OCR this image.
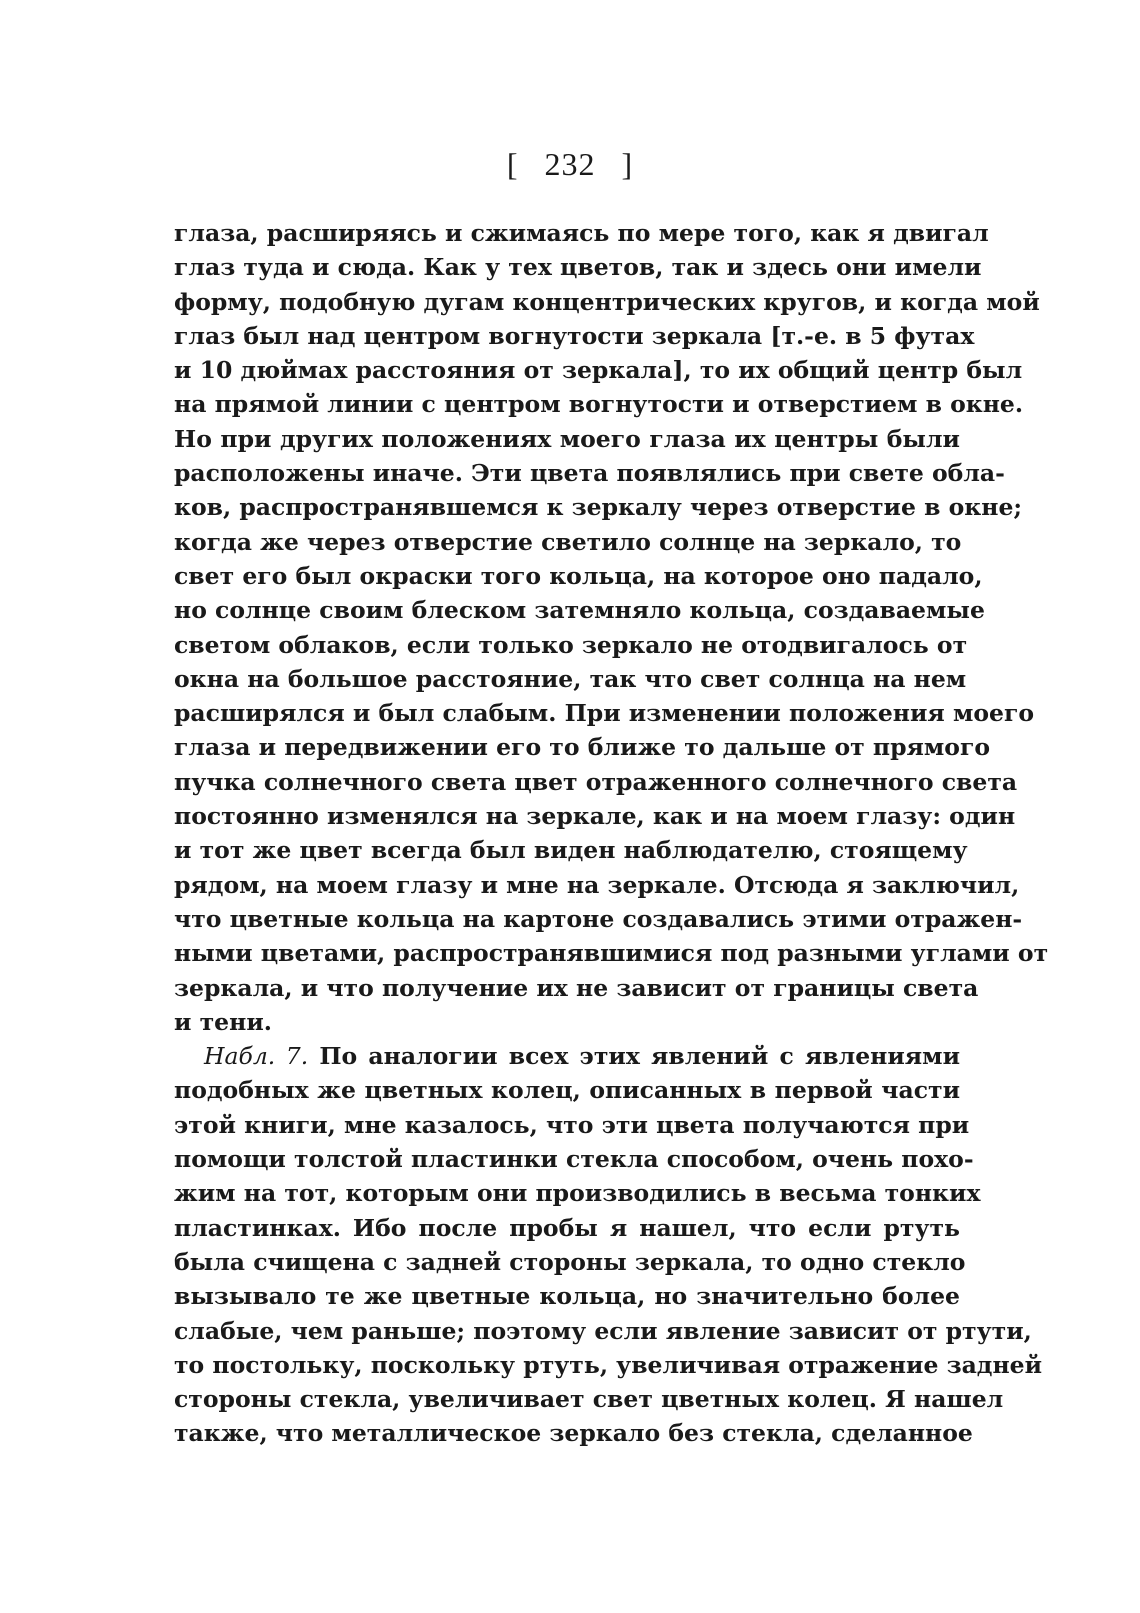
[ 232 ]
глаза, расширяясь и сжимаясь по мере того, как я двигал
глаз туда и сюда. Как у тех цветов, так и здесь они имели
форму, подобную дугам концентрических кругов, и когда мой
глаз был над центром вогнутости зеркала [т.-е. в 5 футах
и 10 дюймах расстояния от зеркала], то их общий центр был
на прямой линии с центром вогнутости и отверстием в окне.
Но при других положениях моего глаза их центры были
расположены иначе. Эти цвета появлялись при свете обла-
ков, распространявшемся к зеркалу через отверстие в окне;
когда же через отверстие светило солнце на зеркало, то
свет его был окраски того кольца, на которое оно падало,
но солнце своим блеском затемняло кольца, создаваемые
светом облаков, если только зеркало не отодвигалось от
окна на большое расстояние, так что свет солнца на нем
расширялся и был слабым. При изменении положения моего
глаза и передвижении его то ближе то дальше от прямого
пучка солнечного света цвет отраженного солнечного света
постоянно изменялся на зеркале, как и на моем глазу: один
и тот же цвет всегда был виден наблюдателю, стоящему
рядом, на моем глазу и мне на зеркале. Отсюда я заключил,
что цветные кольца на картоне создавались этими отражен-
ными цветами, распространявшимися под разными углами от
зеркала, и что получение их не зависит от границы света
и тени.
Набл. 7. По аналогии всех этих явлений с явлениями
подобных же цветных колец, описанных в первой части
этой книги, мне казалось, что эти цвета получаются при
помощи толстой пластинки стекла способом, очень похо-
жим на тот, которым они производились в весьма тонких
пластинках. Ибо после пробы я нашел, что если ртуть
была счищена с задней стороны зеркала, то одно стекло
вызывало те же цветные кольца, но значительно более
слабые, чем раньше; поэтому если явление зависит от ртути,
то постольку, поскольку ртуть, увеличивая отражение задней
стороны стекла, увеличивает свет цветных колец. Я нашел
также, что металлическое зеркало без стекла, сделанное
